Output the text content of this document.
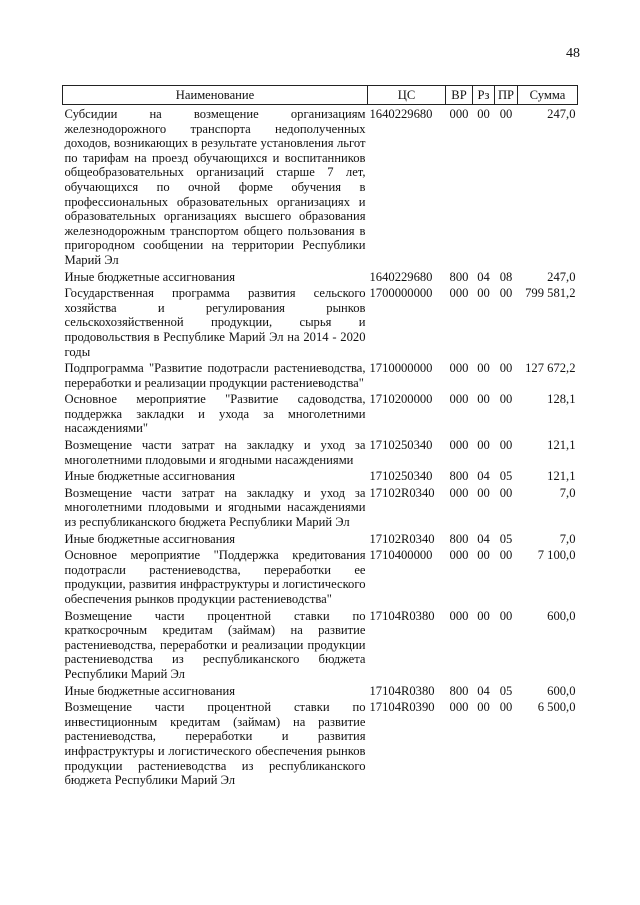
48
Наименование	ЦС	ВР	Рз	ПР	Сумма
Субсидии на возмещение организациям железнодорожного транспорта недополученных доходов, возникающих в результате установления льгот по тарифам на проезд обучающихся и воспитанников общеобразовательных организаций старше 7 лет, обучающихся по очной форме обучения в профессиональных образовательных организациях и образовательных организациях высшего образования железнодорожным транспортом общего пользования в пригородном сообщении на территории Республики Марий Эл	1640229680	000	00	00	247,0
Иные бюджетные ассигнования	1640229680	800	04	08	247,0
Государственная программа развития сельского хозяйства и регулирования рынков сельскохозяйственной продукции, сырья и продовольствия в Республике Марий Эл на 2014 - 2020 годы	1700000000	000	00	00	799 581,2
Подпрограмма "Развитие подотрасли растениеводства, переработки и реализации продукции растениеводства"	1710000000	000	00	00	127 672,2
Основное мероприятие "Развитие садоводства, поддержка закладки и ухода за многолетними насаждениями"	1710200000	000	00	00	128,1
Возмещение части затрат на закладку и уход за многолетними плодовыми и ягодными насаждениями	1710250340	000	00	00	121,1
Иные бюджетные ассигнования	1710250340	800	04	05	121,1
Возмещение части затрат на закладку и уход за многолетними плодовыми и ягодными насаждениями из республиканского бюджета Республики Марий Эл	17102R0340	000	00	00	7,0
Иные бюджетные ассигнования	17102R0340	800	04	05	7,0
Основное мероприятие "Поддержка кредитования подотрасли растениеводства, переработки ее продукции, развития инфраструктуры и логистического обеспечения рынков продукции растениеводства"	1710400000	000	00	00	7 100,0
Возмещение части процентной ставки по краткосрочным кредитам (займам) на развитие растениеводства, переработки и реализации продукции растениеводства из республиканского бюджета Республики Марий Эл	17104R0380	000	00	00	600,0
Иные бюджетные ассигнования	17104R0380	800	04	05	600,0
Возмещение части процентной ставки по инвестиционным кредитам (займам) на развитие растениеводства, переработки и развития инфраструктуры и логистического обеспечения рынков продукции растениеводства из республиканского бюджета Республики Марий Эл	17104R0390	000	00	00	6 500,0
